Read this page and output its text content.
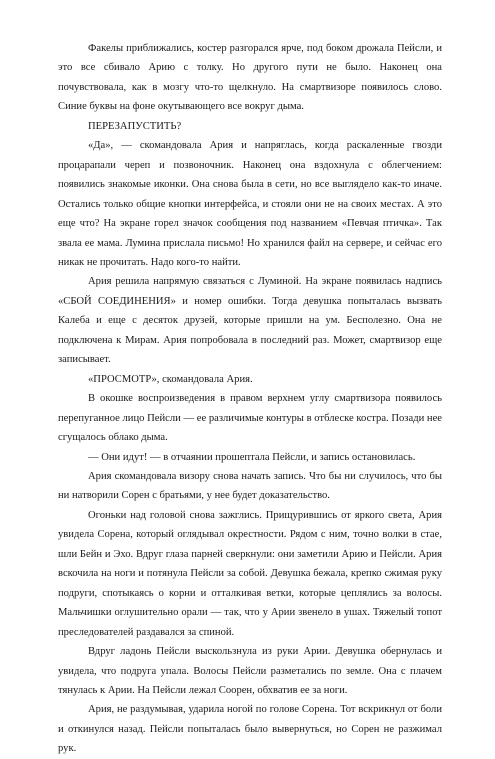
Факелы приближались, костер разгорался ярче, под боком дрожала Пейсли, и это все сбивало Арию с толку. Но другого пути не было. Наконец она почувствовала, как в мозгу что-то щелкнуло. На смартвизоре появилось слово. Синие буквы на фоне окутывающего все вокруг дыма.

ПЕРЕЗАПУСТИТЬ?

«Да», — скомандовала Ария и напряглась, когда раскаленные гвозди процарапали череп и позвоночник. Наконец она вздохнула с облегчением: появились знакомые иконки. Она снова была в сети, но все выглядело как-то иначе. Остались только общие кнопки интерфейса, и стояли они не на своих местах. А это еще что? На экране горел значок сообщения под названием «Певчая птичка». Так звала ее мама. Лумина прислала письмо! Но хранился файл на сервере, и сейчас его никак не прочитать. Надо кого-то найти.

Ария решила напрямую связаться с Луминой. На экране появилась надпись «СБОЙ СОЕДИНЕНИЯ» и номер ошибки. Тогда девушка попыталась вызвать Калеба и еще с десяток друзей, которые пришли на ум. Бесполезно. Она не подключена к Мирам. Ария попробовала в последний раз. Может, смартвизор еще записывает.

«ПРОСМОТР», скомандовала Ария.

В окошке воспроизведения в правом верхнем углу смартвизора появилось перепуганное лицо Пейсли — ее различимые контуры в отблеске костра. Позади нее сгущалось облако дыма.

— Они идут! — в отчаянии прошептала Пейсли, и запись остановилась.

Ария скомандовала визору снова начать запись. Что бы ни случилось, что бы ни натворили Сорен с братьями, у нее будет доказательство.

Огоньки над головой снова зажглись. Прищурившись от яркого света, Ария увидела Сорена, который оглядывал окрестности. Рядом с ним, точно волки в стае, шли Бейн и Эхо. Вдруг глаза парней сверкнули: они заметили Арию и Пейсли. Ария вскочила на ноги и потянула Пейсли за собой. Девушка бежала, крепко сжимая руку подруги, спотыкаясь о корни и отталкивая ветки, которые цеплялись за волосы. Мальчишки оглушительно орали — так, что у Арии звенело в ушах. Тяжелый топот преследователей раздавался за спиной.

Вдруг ладонь Пейсли выскользнула из руки Арии. Девушка обернулась и увидела, что подруга упала. Волосы Пейсли разметались по земле. Она с плачем тянулась к Арии. На Пейсли лежал Соорен, обхватив ее за ноги.

Ария, не раздумывая, ударила ногой по голове Сорена. Тот вскрикнул от боли и откинулся назад. Пейсли попыталась было вывернуться, но Сорен не разжимал рук.
